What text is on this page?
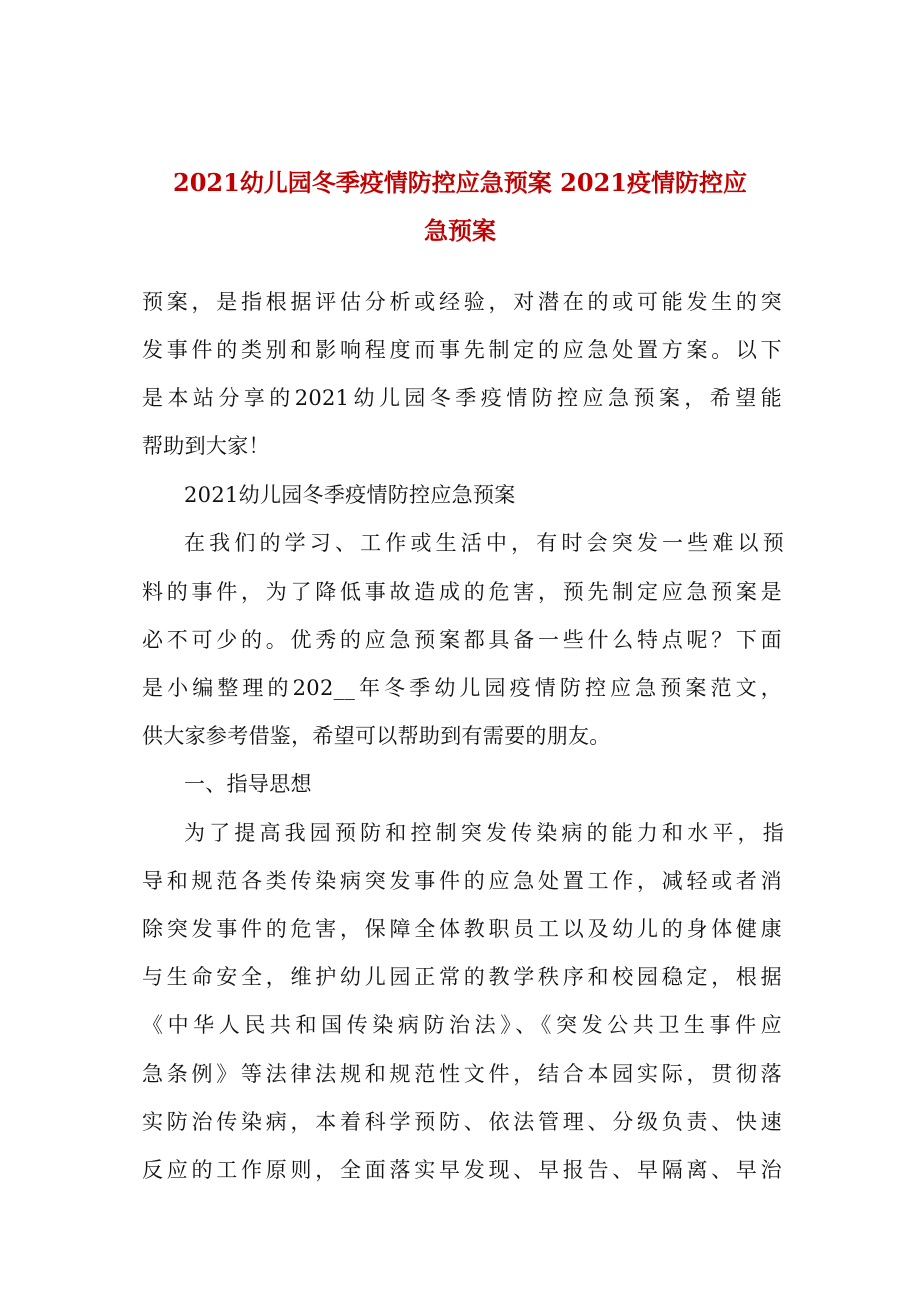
2021幼儿园冬季疫情防控应急预案 2021疫情防控应
急预案
预案，是指根据评估分析或经验，对潜在的或可能发生的突
发事件的类别和影响程度而事先制定的应急处置方案。以下
是本站分享的2021幼儿园冬季疫情防控应急预案，希望能
帮助到大家！
2021幼儿园冬季疫情防控应急预案
在我们的学习、工作或生活中，有时会突发一些难以预
料的事件，为了降低事故造成的危害，预先制定应急预案是
必不可少的。优秀的应急预案都具备一些什么特点呢？下面
是小编整理的202__年冬季幼儿园疫情防控应急预案范文，
供大家参考借鉴，希望可以帮助到有需要的朋友。
一、指导思想
为了提高我园预防和控制突发传染病的能力和水平，指
导和规范各类传染病突发事件的应急处置工作，减轻或者消
除突发事件的危害，保障全体教职员工以及幼儿的身体健康
与生命安全，维护幼儿园正常的教学秩序和校园稳定，根据
《中华人民共和国传染病防治法》、《突发公共卫生事件应
急条例》等法律法规和规范性文件，结合本园实际，贯彻落
实防治传染病，本着科学预防、依法管理、分级负责、快速
反应的工作原则，全面落实早发现、早报告、早隔离、早治
